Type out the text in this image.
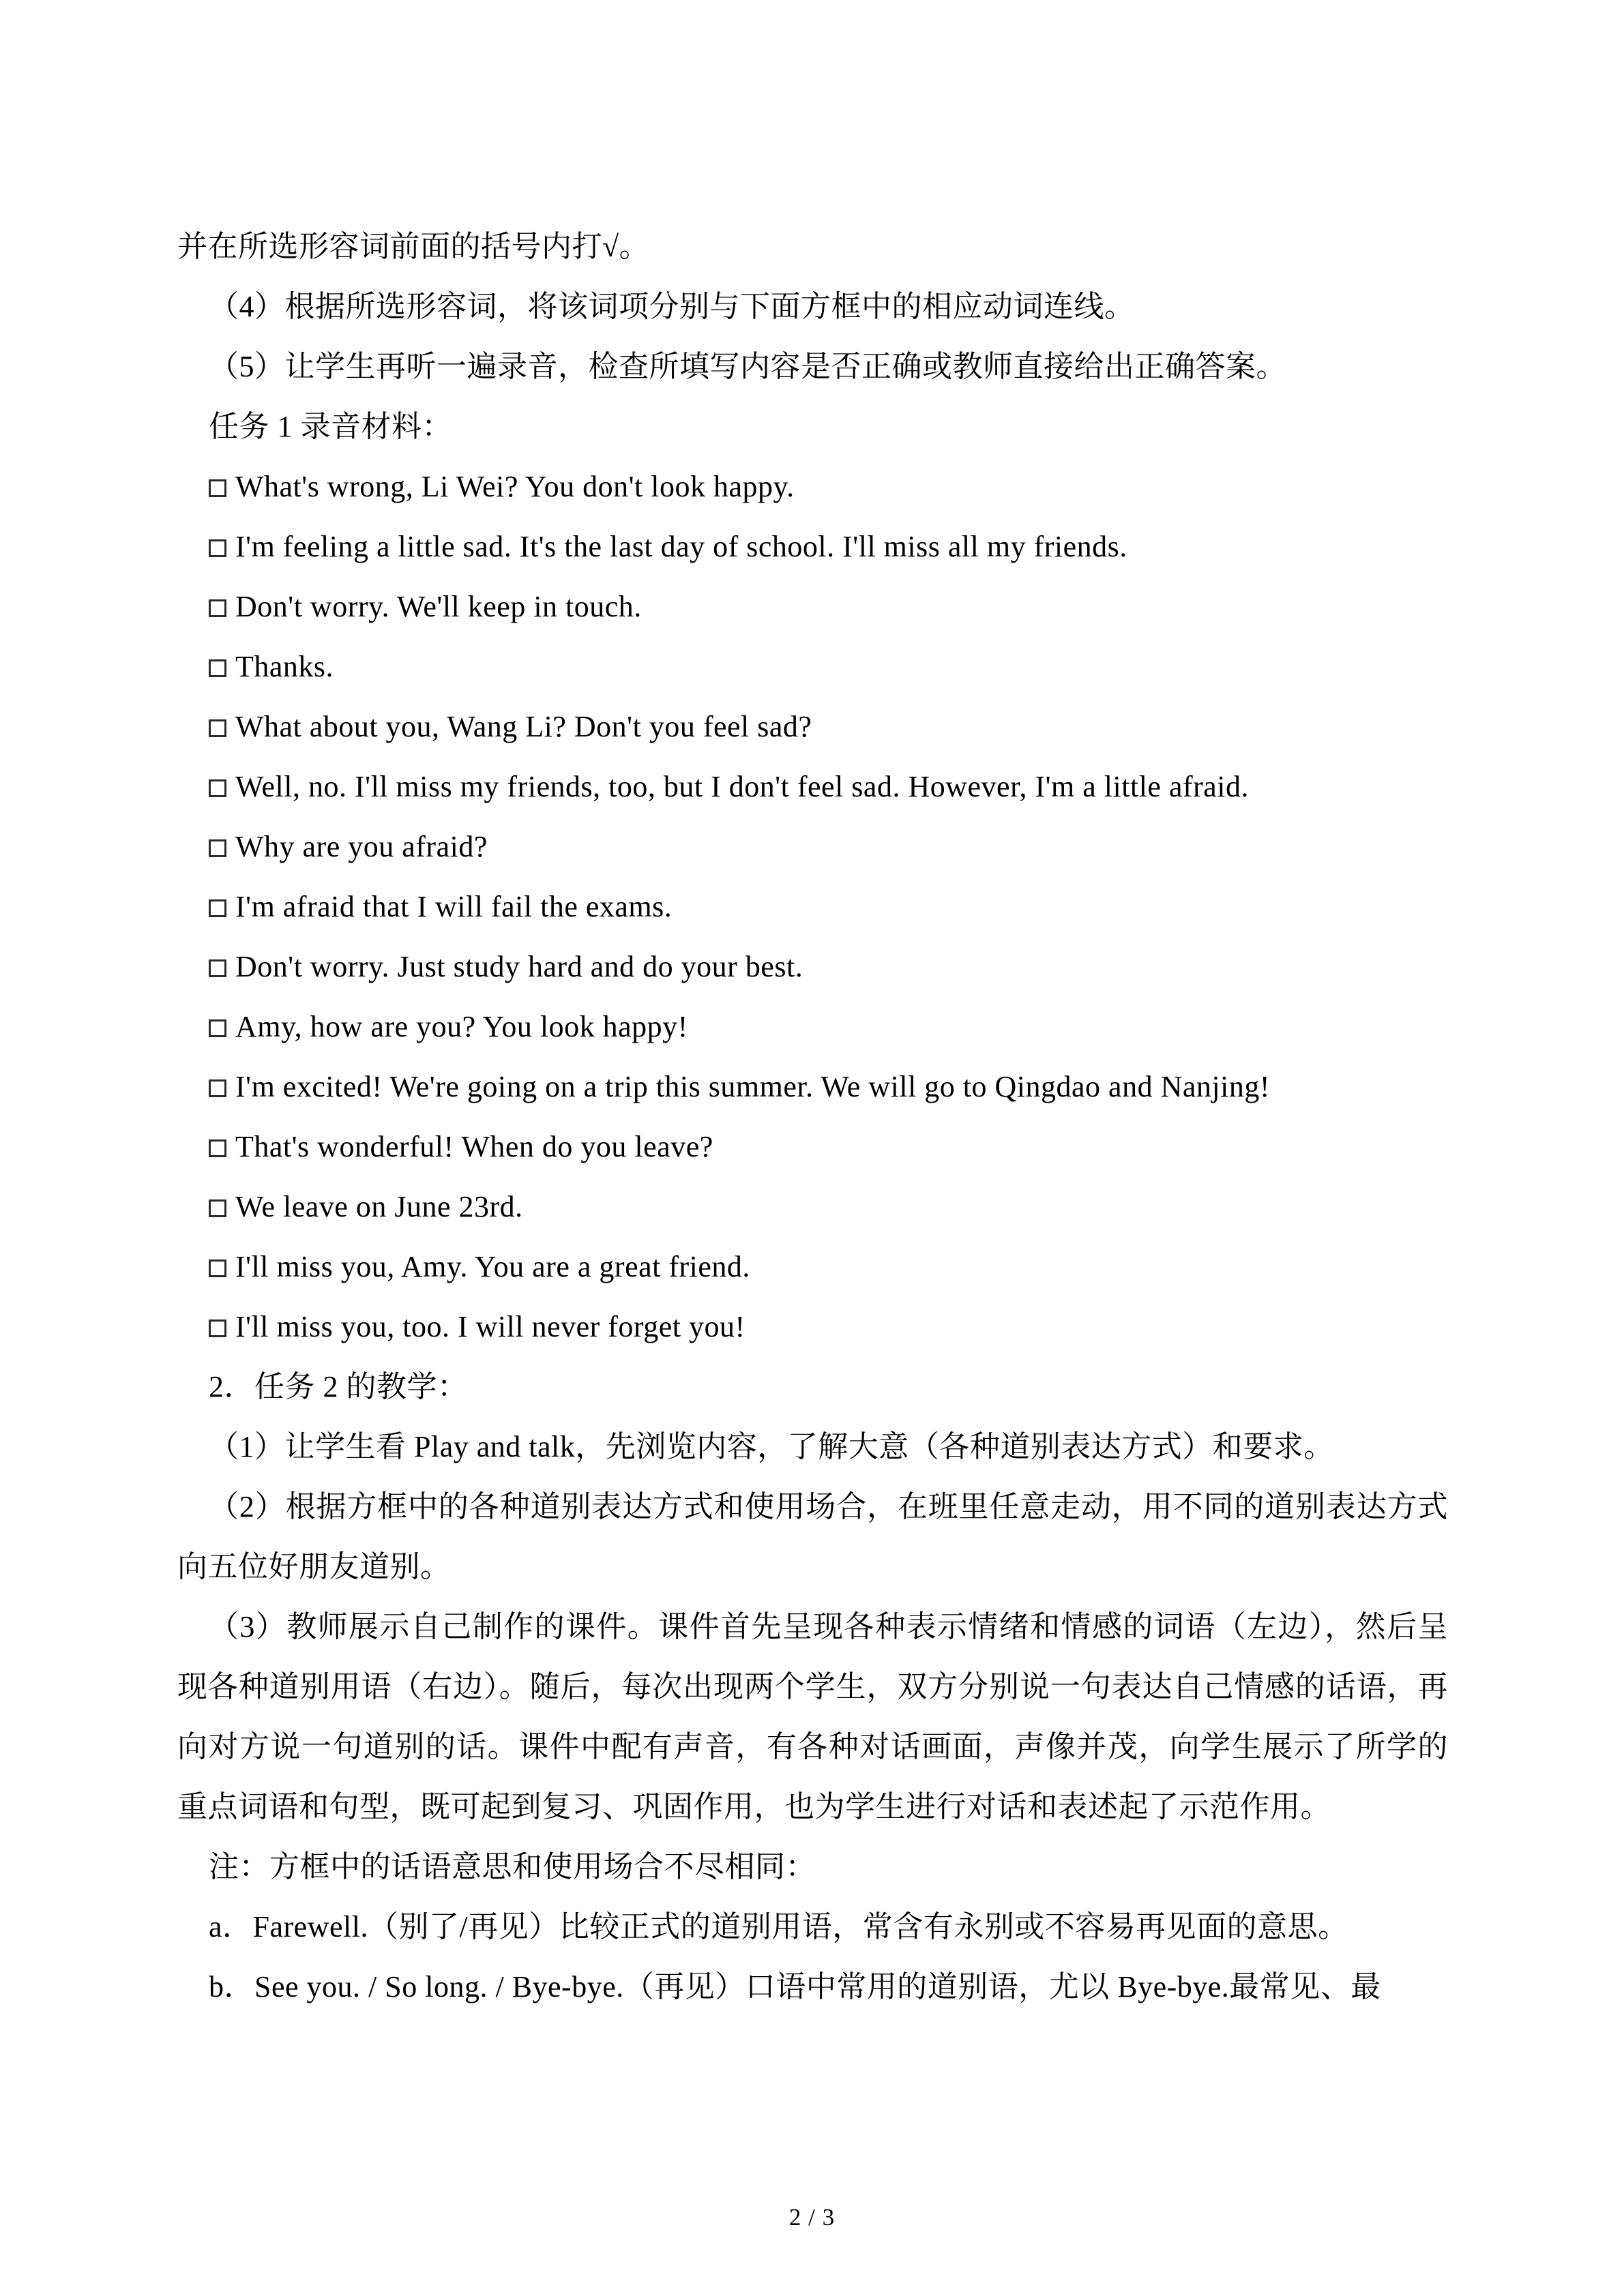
并在所选形容词前面的括号内打√。

（4）根据所选形容词，将该词项分别与下面方框中的相应动词连线。

（5）让学生再听一遍录音，检查所填写内容是否正确或教师直接给出正确答案。

任务 1 录音材料：

What's wrong, Li Wei? You don't look happy.

I'm feeling a little sad. It's the last day of school. I'll miss all my friends.

Don't worry. We'll keep in touch.

Thanks.

What about you, Wang Li? Don't you feel sad?

Well, no. I'll miss my friends, too, but I don't feel sad. However, I'm a little afraid.

Why are you afraid?

I'm afraid that I will fail the exams.

Don't worry. Just study hard and do your best.

Amy, how are you? You look happy!

I'm excited! We're going on a trip this summer. We will go to Qingdao and Nanjing!

That's wonderful! When do you leave?

We leave on June 23rd.

I'll miss you, Amy. You are a great friend.

I'll miss you, too. I will never forget you!

2．任务 2 的教学：

（1）让学生看 Play and talk，先浏览内容，了解大意（各种道别表达方式）和要求。

（2）根据方框中的各种道别表达方式和使用场合，在班里任意走动，用不同的道别表达方式向五位好朋友道别。

（3）教师展示自己制作的课件。课件首先呈现各种表示情绪和情感的词语（左边），然后呈现各种道别用语（右边）。随后，每次出现两个学生，双方分别说一句表达自己情感的话语，再向对方说一句道别的话。课件中配有声音，有各种对话画面，声像并茂，向学生展示了所学的重点词语和句型，既可起到复习、巩固作用，也为学生进行对话和表述起了示范作用。

注：方框中的话语意思和使用场合不尽相同：

a．Farewell.（别了/再见）比较正式的道别用语，常含有永别或不容易再见面的意思。

b．See you. / So long. / Bye-bye.（再见）口语中常用的道别语，尤以 Bye-bye.最常见、最

2 / 3
